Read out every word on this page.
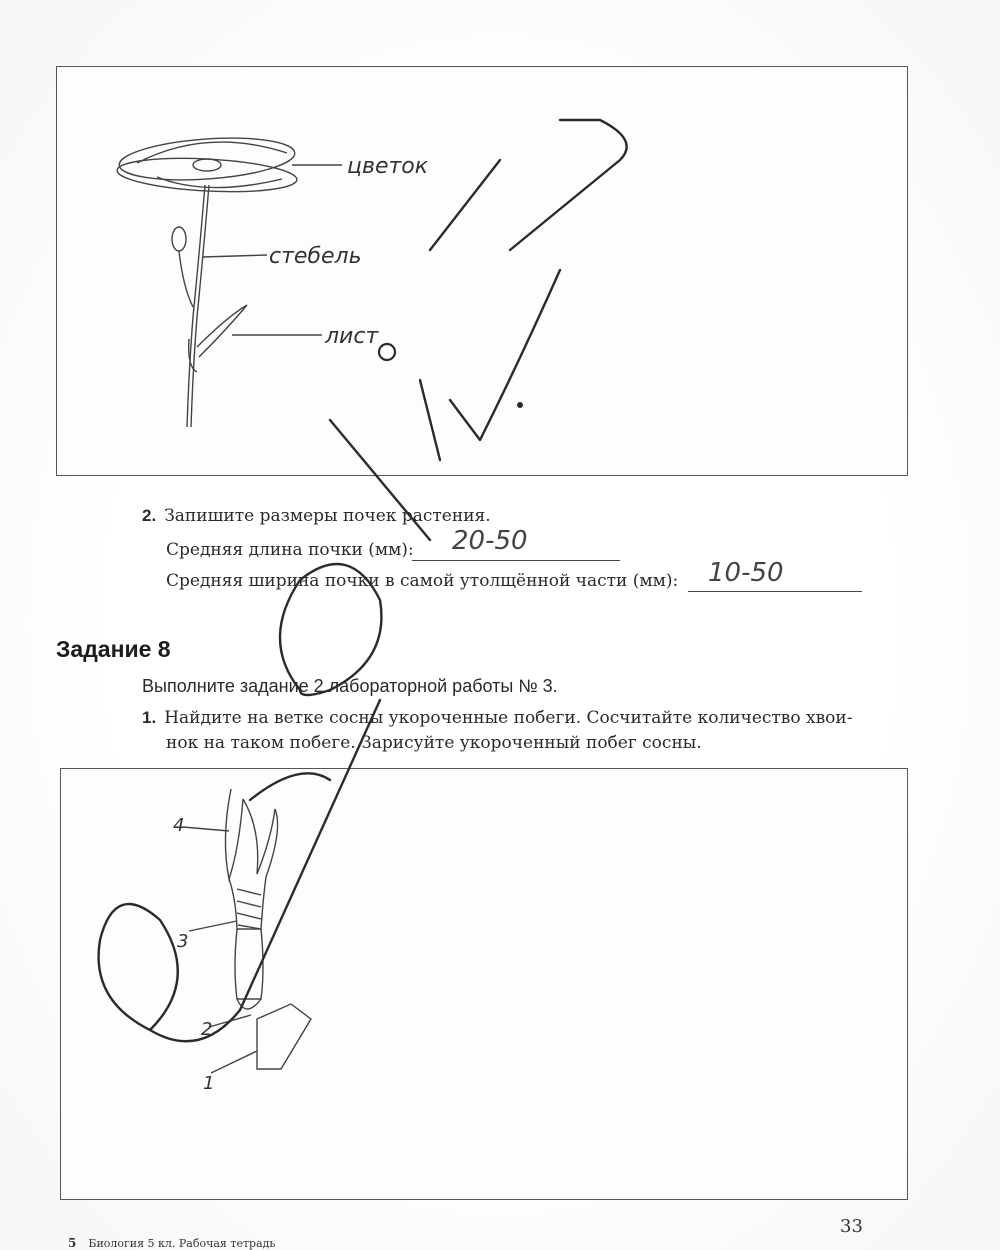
цветок
стебель
лист
2. Запишите размеры почек растения.
Средняя длина почки (мм): 20-50
Средняя ширина почки в самой утолщённой части (мм): 10-50
Задание 8
Выполните задание 2 лабораторной работы № 3.
1. Найдите на ветке сосны укороченные побеги. Сосчитайте количество хвои-
нок на таком побеге. Зарисуйте укороченный побег сосны.
4
3
2
1
5 Биология 5 кл. Рабочая тетрадь
33
